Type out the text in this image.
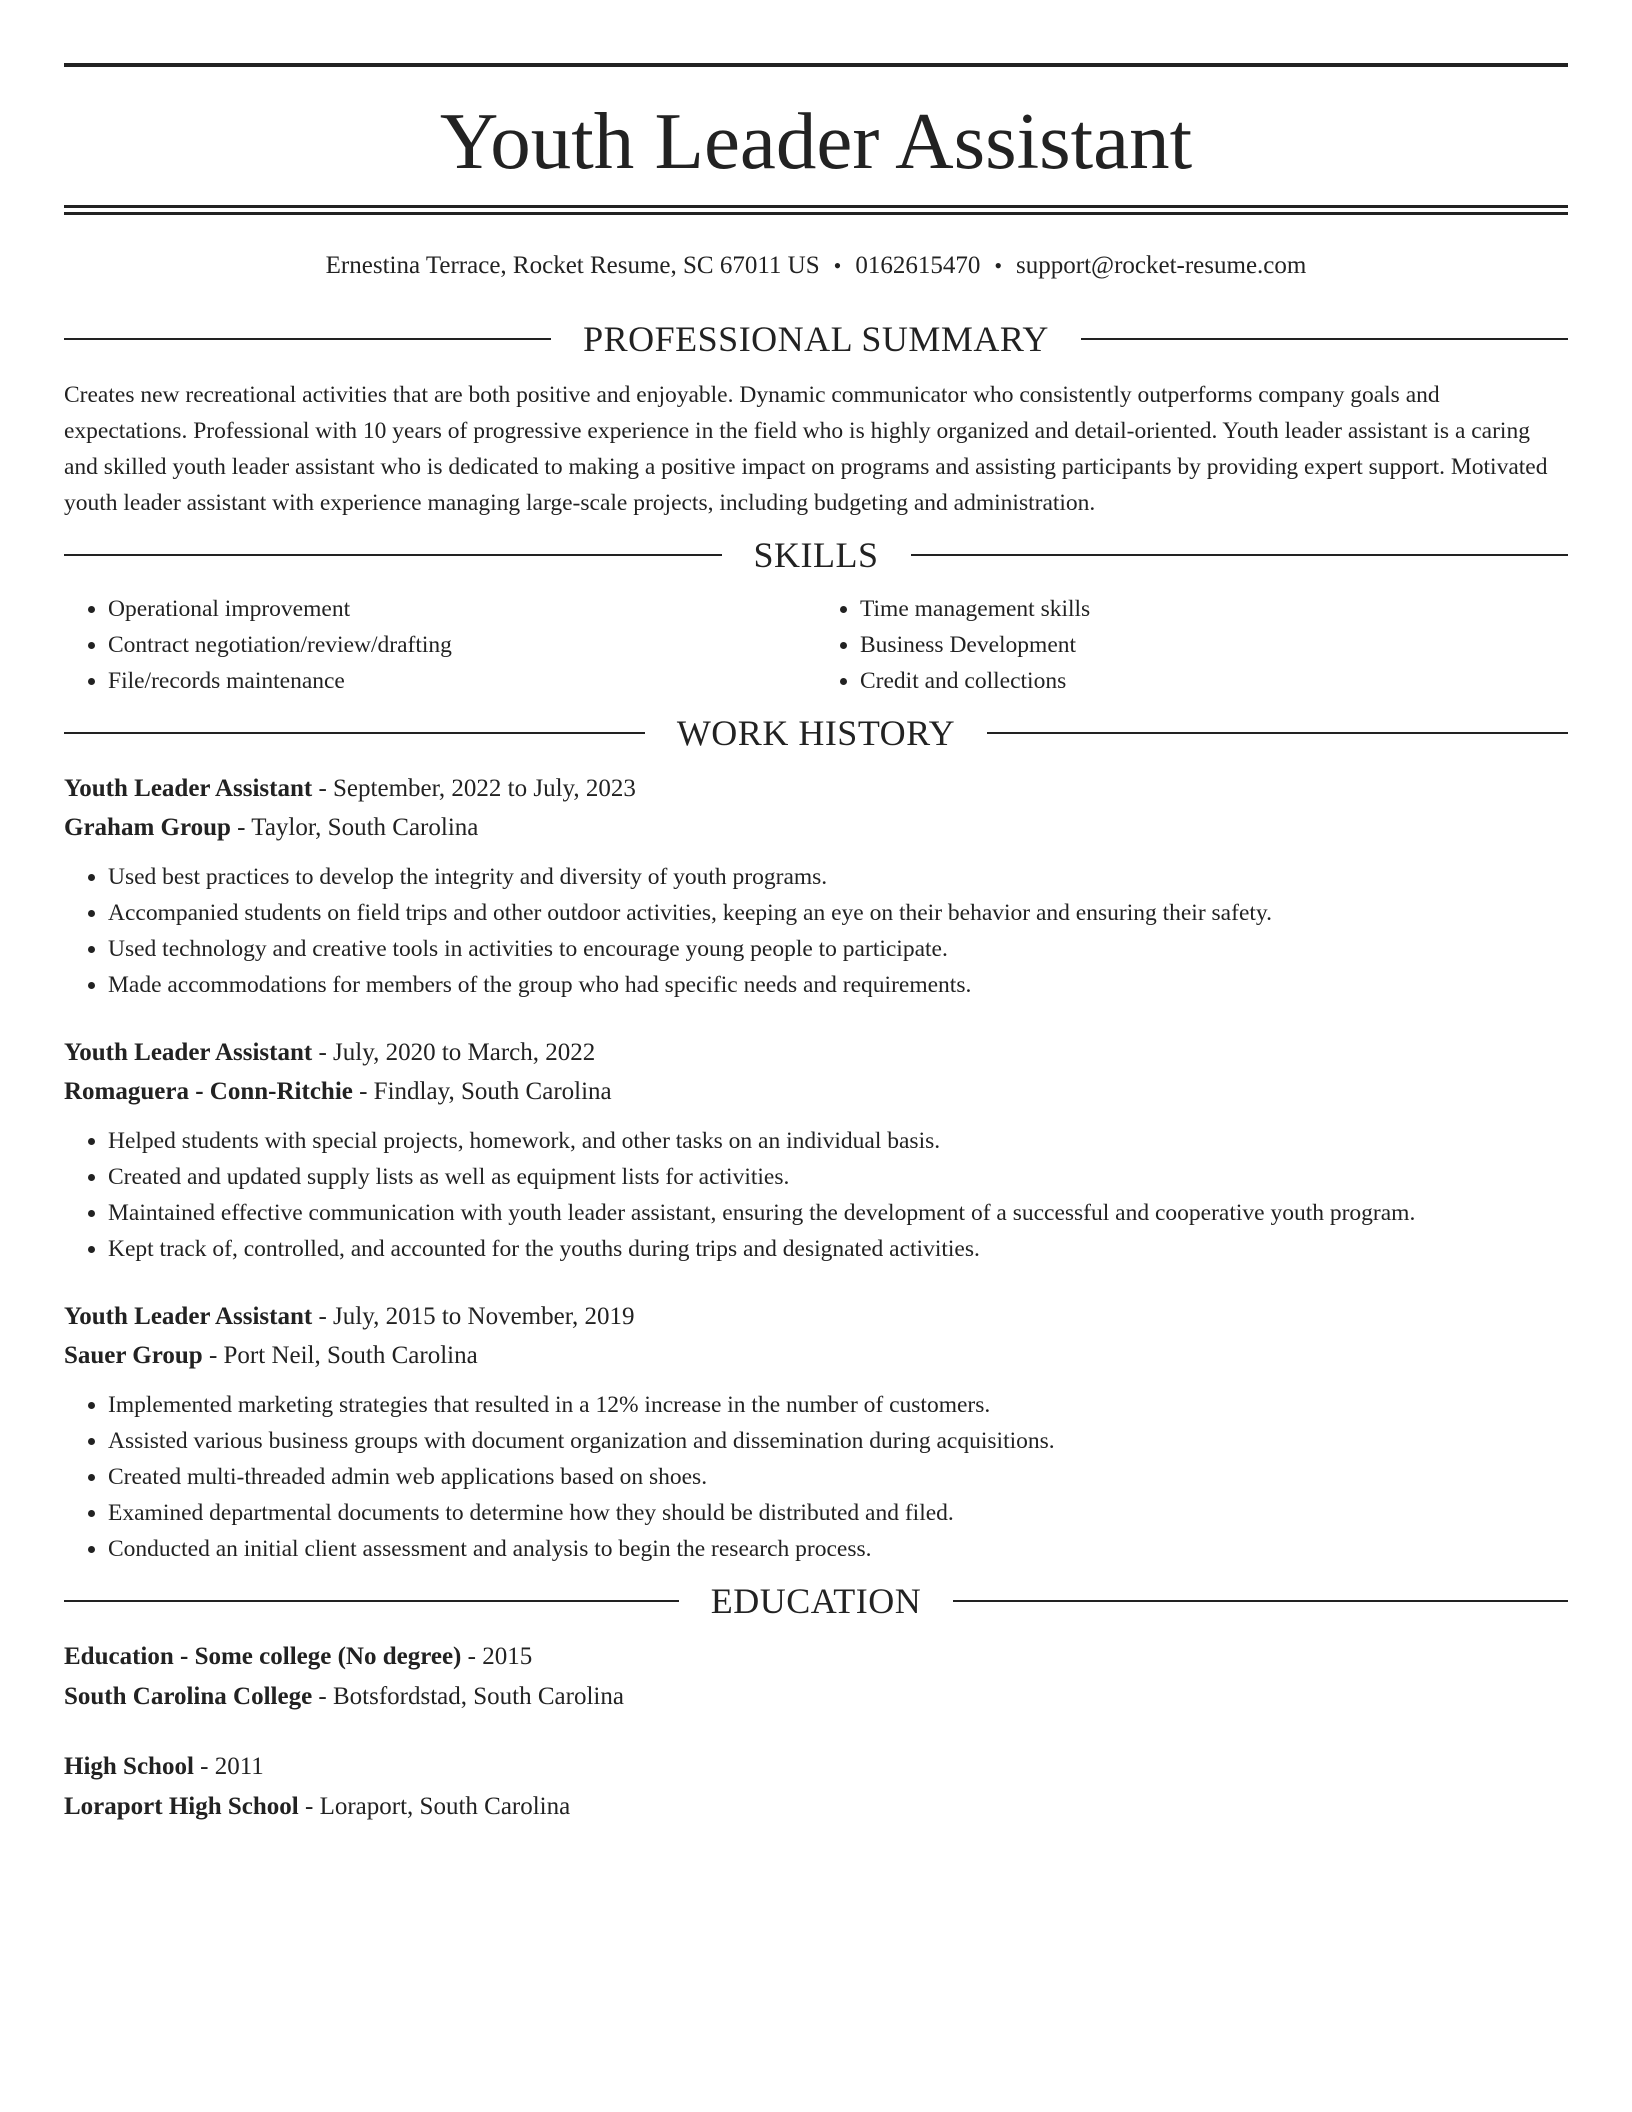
Youth Leader Assistant
Ernestina Terrace, Rocket Resume, SC 67011 US • 0162615470 • support@rocket-resume.com
PROFESSIONAL SUMMARY

Creates new recreational activities that are both positive and enjoyable. Dynamic communicator who consistently outperforms company goals and expectations. Professional with 10 years of progressive experience in the field who is highly organized and detail-oriented. Youth leader assistant is a caring and skilled youth leader assistant who is dedicated to making a positive impact on programs and assisting participants by providing expert support. Motivated youth leader assistant with experience managing large-scale projects, including budgeting and administration.

SKILLS
• Operational improvement
• Contract negotiation/review/drafting
• File/records maintenance
• Time management skills
• Business Development
• Credit and collections
WORK HISTORY
Youth Leader Assistant - September, 2022 to July, 2023
Graham Group - Taylor, South Carolina
• Used best practices to develop the integrity and diversity of youth programs.
• Accompanied students on field trips and other outdoor activities, keeping an eye on their behavior and ensuring their safety.
• Used technology and creative tools in activities to encourage young people to participate.
• Made accommodations for members of the group who had specific needs and requirements.
Youth Leader Assistant - July, 2020 to March, 2022
Romaguera - Conn-Ritchie - Findlay, South Carolina
• Helped students with special projects, homework, and other tasks on an individual basis.
• Created and updated supply lists as well as equipment lists for activities.
• Maintained effective communication with youth leader assistant, ensuring the development of a successful and cooperative youth program.
• Kept track of, controlled, and accounted for the youths during trips and designated activities.
Youth Leader Assistant - July, 2015 to November, 2019
Sauer Group - Port Neil, South Carolina
• Implemented marketing strategies that resulted in a 12% increase in the number of customers.
• Assisted various business groups with document organization and dissemination during acquisitions.
• Created multi-threaded admin web applications based on shoes.
• Examined departmental documents to determine how they should be distributed and filed.
• Conducted an initial client assessment and analysis to begin the research process.
EDUCATION
Education - Some college (No degree) - 2015
South Carolina College - Botsfordstad, South Carolina
High School - 2011
Loraport High School - Loraport, South Carolina
